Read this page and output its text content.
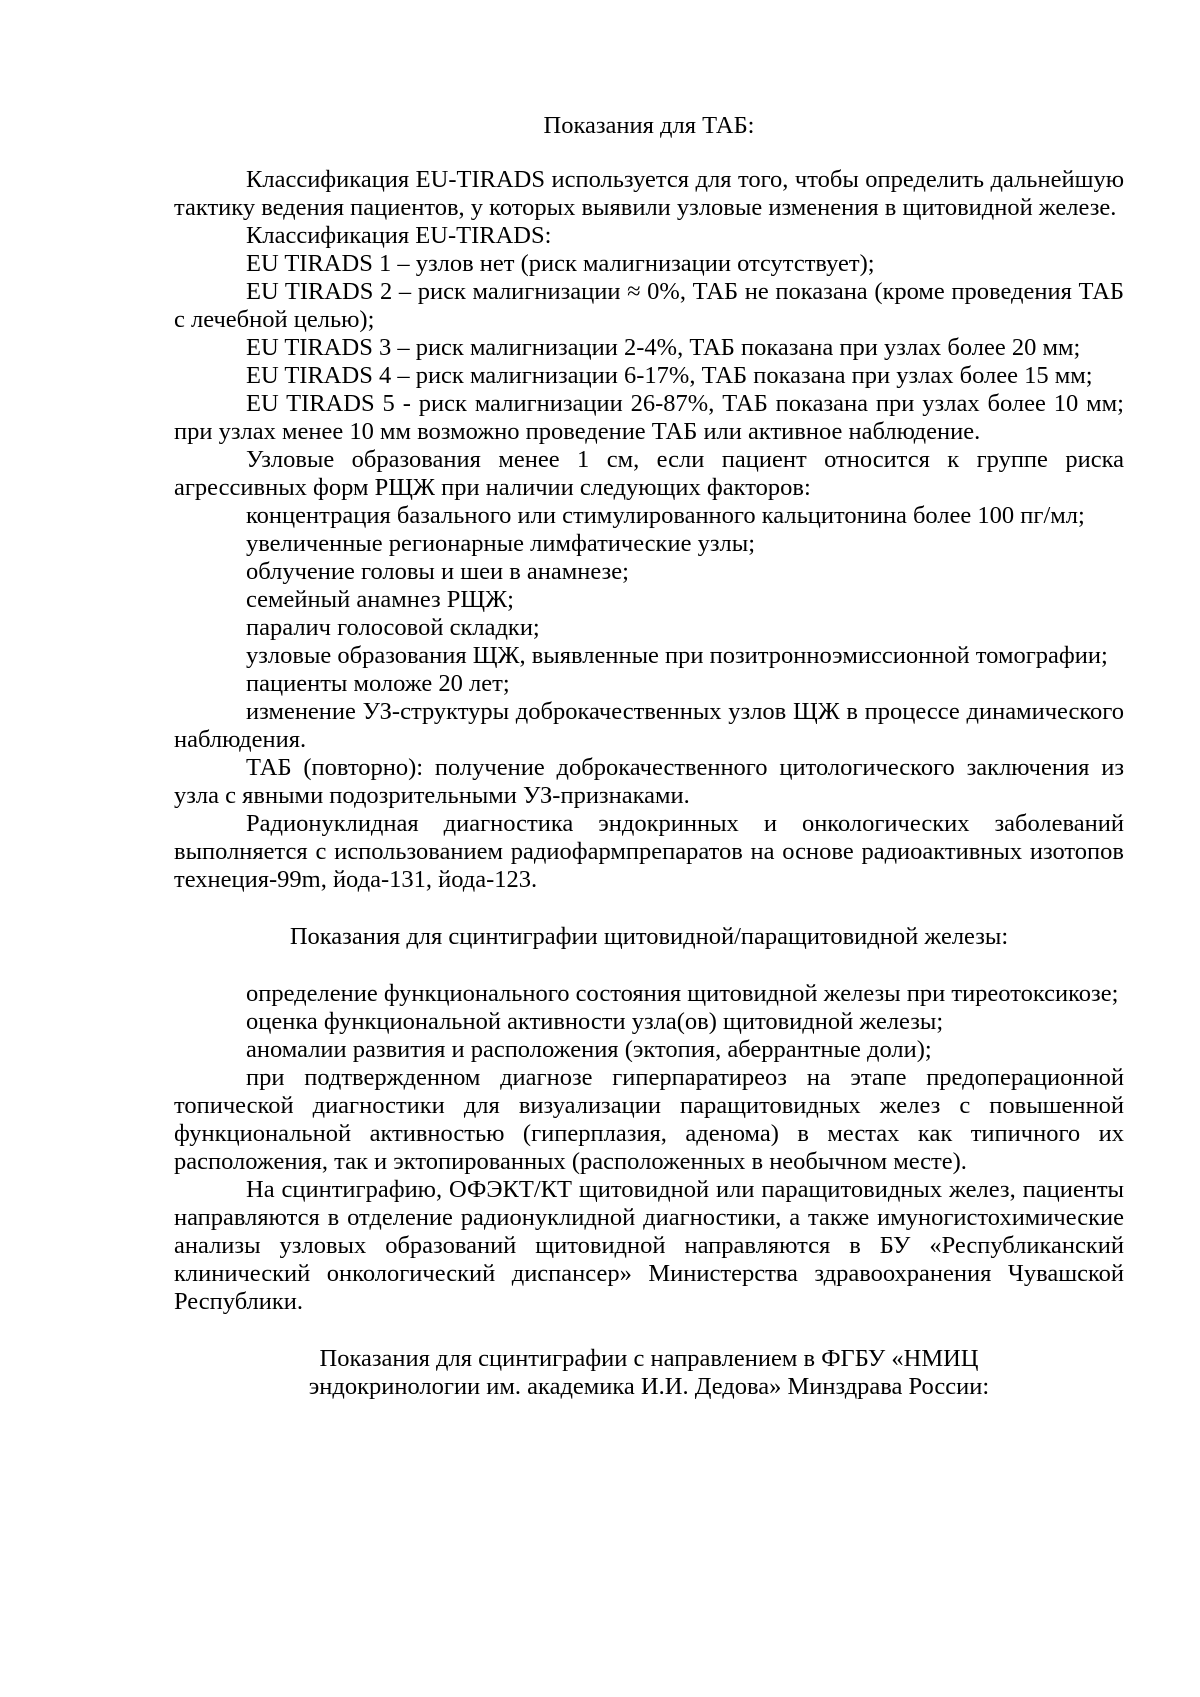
Показания для ТАБ:

Классификация EU-TIRADS используется для того, чтобы определить дальнейшую тактику ведения пациентов, у которых выявили узловые изменения в щитовидной железе.

Классификация EU-TIRADS:

EU TIRADS 1 – узлов нет (риск малигнизации отсутствует);

EU TIRADS 2 – риск малигнизации ≈ 0%, ТАБ не показана (кроме проведения ТАБ с лечебной целью);

EU TIRADS 3 – риск малигнизации 2-4%, ТАБ показана при узлах более 20 мм;

EU TIRADS 4 – риск малигнизации 6-17%, ТАБ показана при узлах более 15 мм;

EU TIRADS 5 - риск малигнизации 26-87%, ТАБ показана при узлах более 10 мм; при узлах менее 10 мм возможно проведение ТАБ или активное наблюдение.

Узловые образования менее 1 см, если пациент относится к группе риска агрессивных форм РЩЖ при наличии следующих факторов:

концентрация базального или стимулированного кальцитонина более 100 пг/мл;

увеличенные регионарные лимфатические узлы;

облучение головы и шеи в анамнезе;

семейный анамнез РЩЖ;

паралич голосовой складки;

узловые образования ЩЖ, выявленные при позитронноэмиссионной томографии;

пациенты моложе 20 лет;

изменение УЗ-структуры доброкачественных узлов ЩЖ в процессе динамического наблюдения.

ТАБ (повторно): получение доброкачественного цитологического заключения из узла с явными подозрительными УЗ-признаками.

Радионуклидная диагностика эндокринных и онкологических заболеваний выполняется с использованием радиофармпрепаратов на основе радиоактивных изотопов технеция-99m, йода-131, йода-123.

Показания для сцинтиграфии щитовидной/паращитовидной железы:

определение функционального состояния щитовидной железы при тиреотоксикозе;

оценка функциональной активности узла(ов) щитовидной железы;

аномалии развития и расположения (эктопия, аберрантные доли);

при подтвержденном диагнозе гиперпаратиреоз на этапе предоперационной топической диагностики для визуализации паращитовидных желез с повышенной функциональной активностью (гиперплазия, аденома) в местах как типичного их расположения, так и эктопированных (расположенных в необычном месте).

На сцинтиграфию, ОФЭКТ/КТ щитовидной или паращитовидных желез, пациенты направляются в отделение радионуклидной диагностики, а также имуногистохимические анализы узловых образований щитовидной направляются в БУ «Республиканский клинический онкологический диспансер» Министерства здравоохранения Чувашской Республики.

Показания для сцинтиграфии с направлением в ФГБУ «НМИЦ эндокринологии им. академика И.И. Дедова» Минздрава России:
